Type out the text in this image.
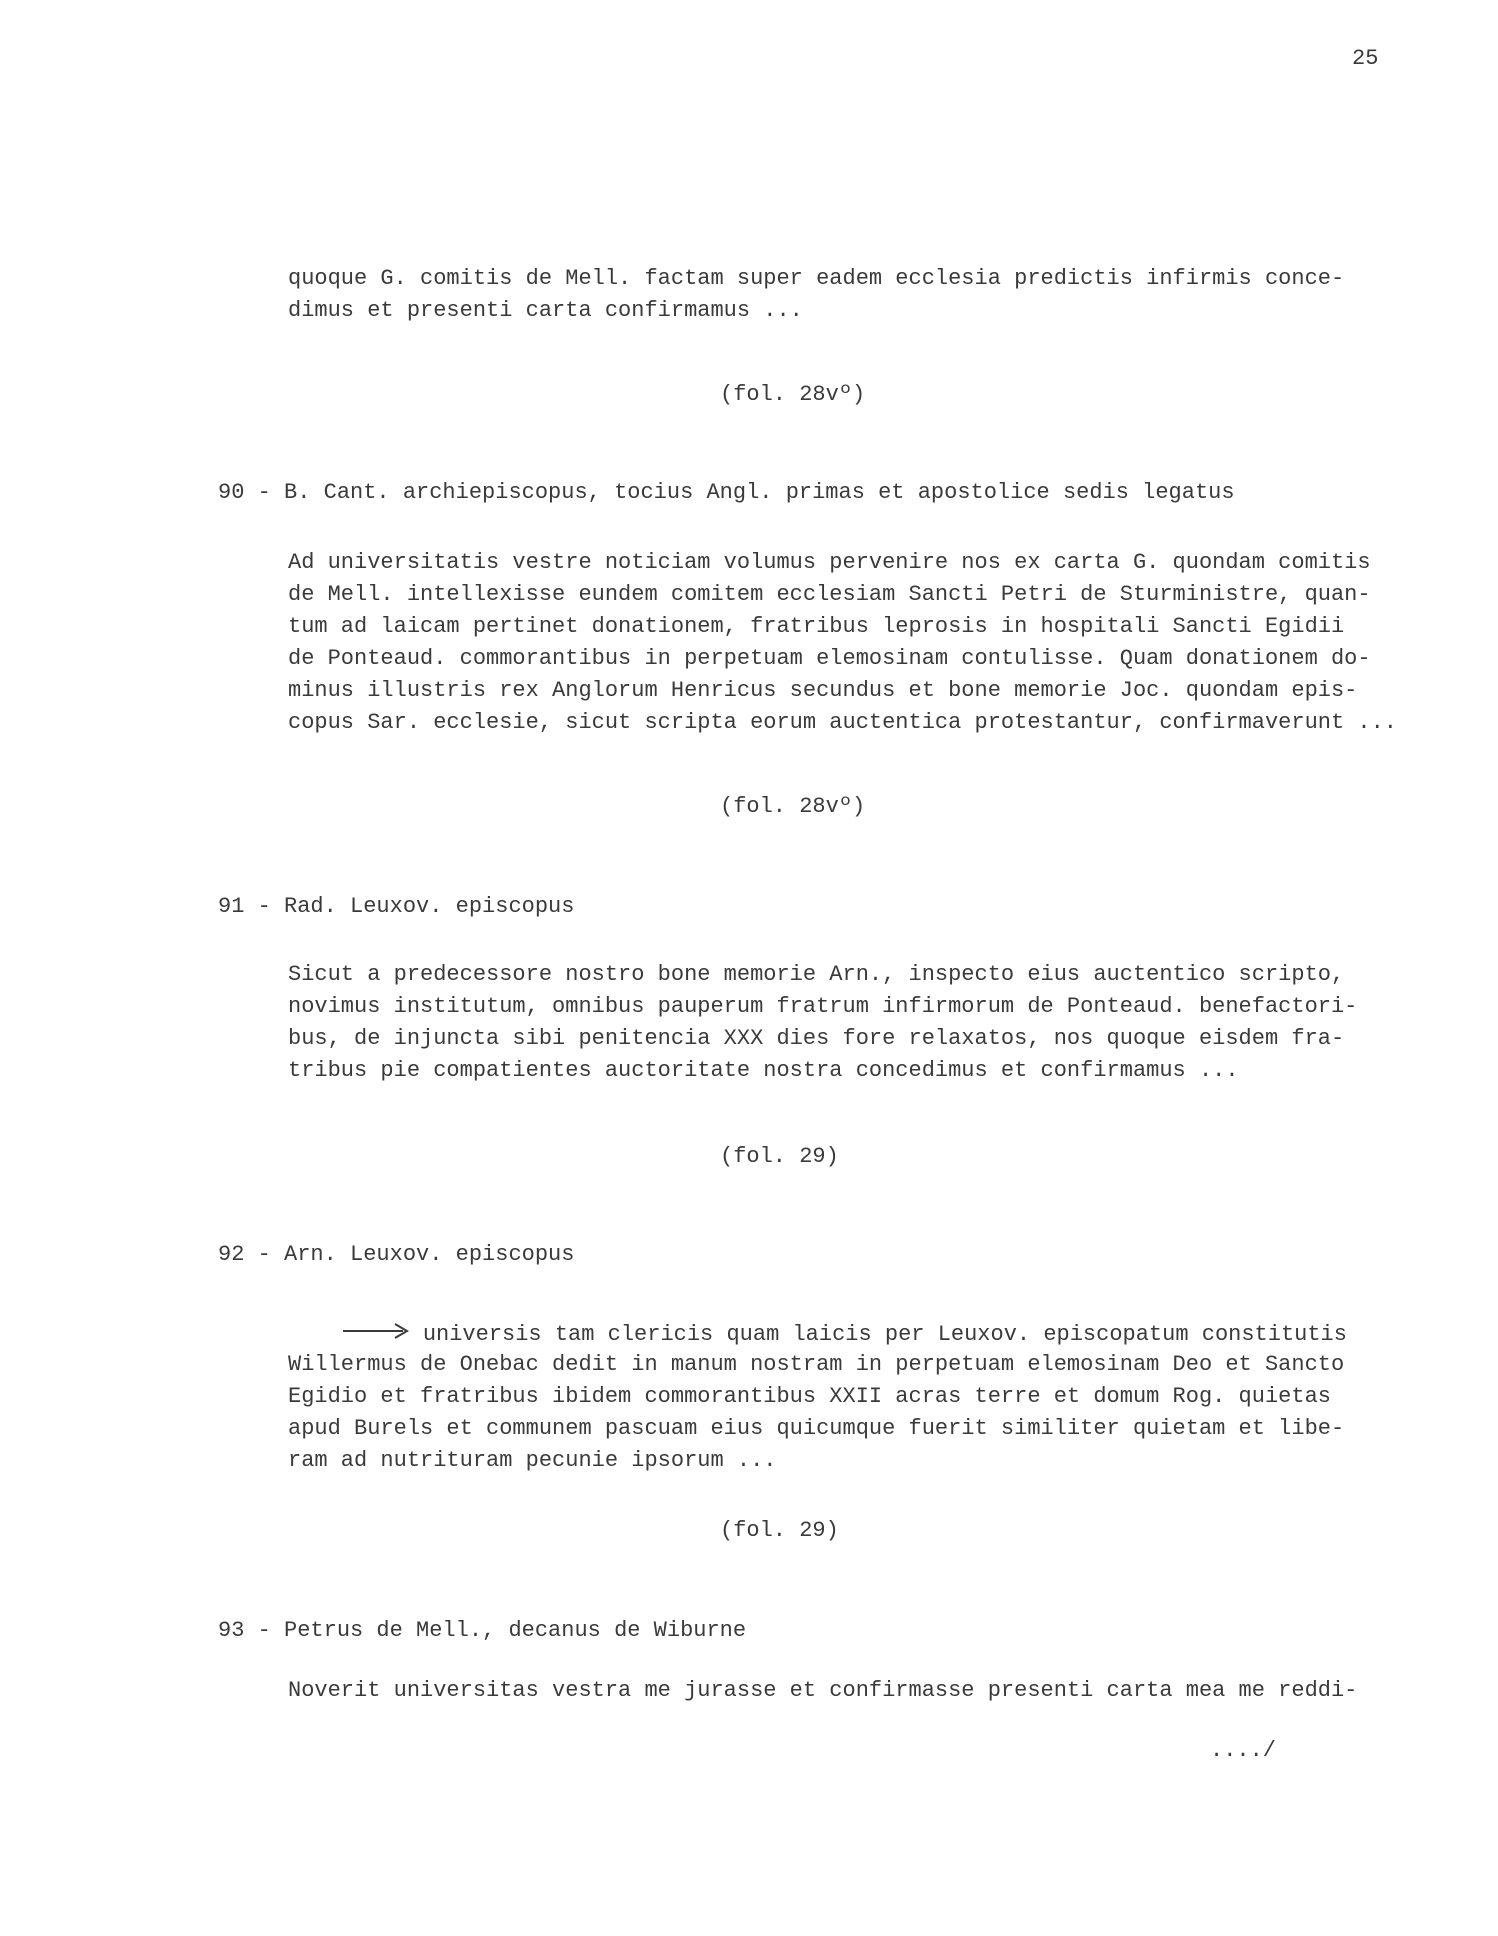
25
quoque G. comitis de Mell. factam super eadem ecclesia predictis infirmis conce-
dimus et presenti carta confirmamus ...
(fol. 28vº)
90 - B. Cant. archiepiscopus, tocius Angl. primas et apostolice sedis legatus
Ad universitatis vestre noticiam volumus pervenire nos ex carta G. quondam comitis
de Mell. intellexisse eundem comitem ecclesiam Sancti Petri de Sturministre, quan-
tum ad laicam pertinet donationem, fratribus leprosis in hospitali Sancti Egidii
de Ponteaud. commorantibus in perpetuam elemosinam contulisse. Quam donationem do-
minus illustris rex Anglorum Henricus secundus et bone memorie Joc. quondam epis-
copus Sar. ecclesie, sicut scripta eorum auctentica protestantur, confirmaverunt ...
(fol. 28vº)
91 - Rad. Leuxov. episcopus
Sicut a predecessore nostro bone memorie Arn., inspecto eius auctentico scripto,
novimus institutum, omnibus pauperum fratrum infirmorum de Ponteaud. benefactori-
bus, de injuncta sibi penitencia XXX dies fore relaxatos, nos quoque eisdem fra-
tribus pie compatientes auctoritate nostra concedimus et confirmamus ...
(fol. 29)
92 - Arn. Leuxov. episcopus

universis tam clericis quam laicis per Leuxov. episcopatum constitutis

Willermus de Onebac dedit in manum nostram in perpetuam elemosinam Deo et Sancto
Egidio et fratribus ibidem commorantibus XXII acras terre et domum Rog. quietas
apud Burels et communem pascuam eius quicumque fuerit similiter quietam et libe-
ram ad nutrituram pecunie ipsorum ...
(fol. 29)
93 - Petrus de Mell., decanus de Wiburne
Noverit universitas vestra me jurasse et confirmasse presenti carta mea me reddi-
..../
